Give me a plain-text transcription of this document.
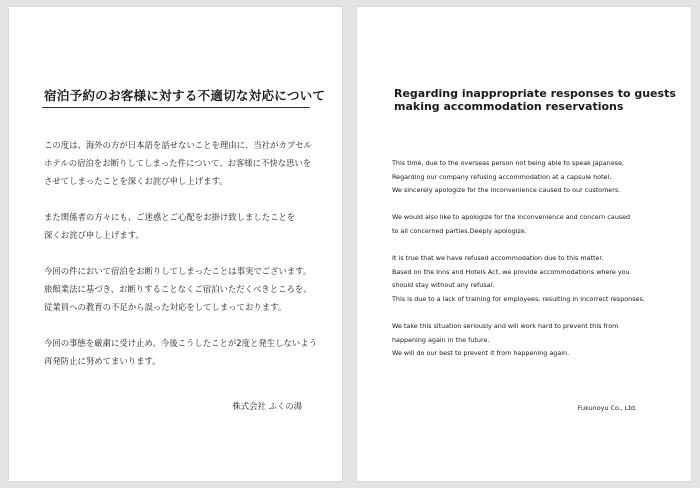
宿泊予約のお客様に対する不適切な対応について

この度は、海外の方が日本語を話せないことを理由に、当社がカプセル
ホテルの宿泊をお断りしてしまった件について、お客様に不快な思いを
させてしまったことを深くお詫び申し上げます。

また関係者の方々にも、ご迷惑とご心配をお掛け致しましたことを
深くお詫び申し上げます。

今回の件において宿泊をお断りしてしまったことは事実でございます。
旅館業法に基づき、お断りすることなくご宿泊いただくべきところを、
従業員への教育の不足から誤った対応をしてしまっております。

今回の事態を厳粛に受け止め、今後こうしたことが2度と発生しないよう
再発防止に努めてまいります。

株式会社 ふくの湯
Regarding inappropriate responses to guests
making accommodation reservations

This time, due to the overseas person not being able to speak Japanese,
Regarding our company refusing accommodation at a capsule hotel,
We sincerely apologize for the inconvenience caused to our customers.

We would also like to apologize for the inconvenience and concern caused
to all concerned parties.Deeply apologize.

It is true that we have refused accommodation due to this matter.
Based on the Inns and Hotels Act, we provide accommodations where you
should stay without any refusal.
This is due to a lack of training for employees, resulting in incorrect responses.

We take this situation seriously and will work hard to prevent this from
happening again in the future.
We will do our best to prevent it from happening again.

Fukunoyu Co., Ltd.
